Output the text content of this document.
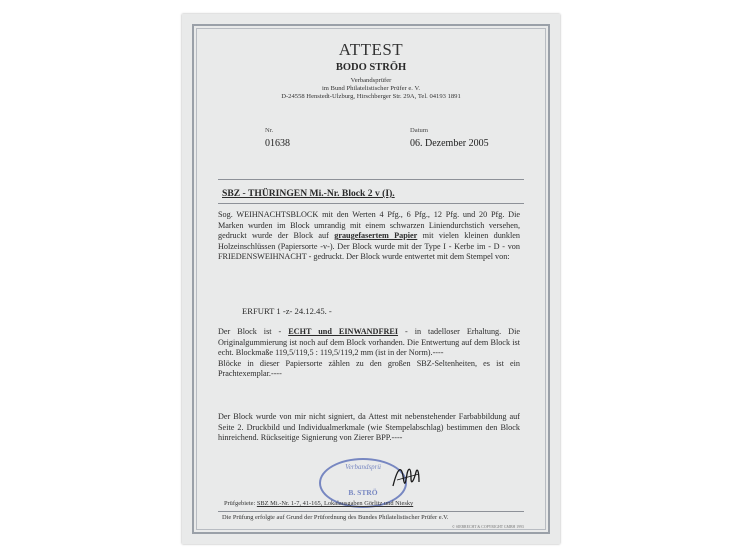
ATTEST
BODO STRÖH
Verbandsprüfer
im Bund Philatelistischer Prüfer e. V.
D-24558 Henstedt-Ulzburg, Hirschberger Str. 29A, Tel. 04193 1891
Nr.
01638
Datum
06. Dezember 2005
SBZ - THÜRINGEN Mi.-Nr. Block 2 v (I).
Sog. WEIHNACHTSBLOCK mit den Werten 4 Pfg., 6 Pfg., 12 Pfg. und 20 Pfg. Die Marken wurden im Block umrandig mit einem schwarzen Liniendurchstich versehen, gedruckt wurde der Block auf graugefasertem Papier mit vielen kleinen dunklen Holzeinschlüssen (Papiersorte -v-). Der Block wurde mit der Type I - Kerbe im - D - von FRIEDENSWEIHNACHT - gedruckt. Der Block wurde entwertet mit dem Stempel von:
ERFURT 1 -z- 24.12.45. -
Der Block ist - ECHT und EINWANDFREI - in tadelloser Erhaltung. Die Originalgummierung ist noch auf dem Block vorhanden. Die Entwertung auf dem Block ist echt. Blockmaße 119,5/119,5 : 119,5/119,2 mm (ist in der Norm).----
Blöcke in dieser Papiersorte zählen zu den großen SBZ-Seltenheiten, es ist ein Prachtexemplar.----
Der Block wurde von mir nicht signiert, da Attest mit nebenstehender Farbabbildung auf Seite 2. Druckbild und Individualmerkmale (wie Stempelabschlag) bestimmen den Block hinreichend. Rückseitige Signierung von Zierer BPP.----
Verbandsprü
B. STRÖ
Prüfgebiete: SBZ Mi.-Nr. 1-7, 41-165, Lokalausgaben Görlitz und Niesky
Die Prüfung erfolgte auf Grund der Prüfordnung des Bundes Philatelistischer Prüfer e.V.
© SIEBRECHT & COPYRIGHT GMBH 1993
